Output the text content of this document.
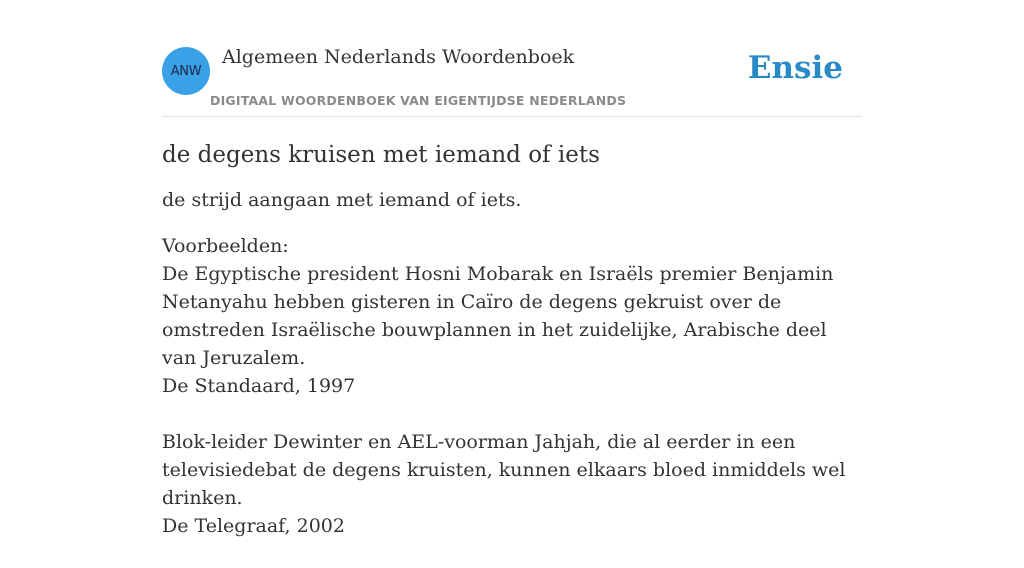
ANW
Algemeen Nederlands Woordenboek
DIGITAAL WOORDENBOEK VAN EIGENTIJDSE NEDERLANDS
Ensie
de degens kruisen met iemand of iets
de strijd aangaan met iemand of iets.
Voorbeelden:
De Egyptische president Hosni Mobarak en Israëls premier Benjamin Netanyahu hebben gisteren in Caïro de degens gekruist over de omstreden Israëlische bouwplannen in het zuidelijke, Arabische deel van Jeruzalem.
De Standaard, 1997
Blok-leider Dewinter en AEL-voorman Jahjah, die al eerder in een televisiedebat de degens kruisten, kunnen elkaars bloed inmiddels wel drinken.
De Telegraaf, 2002
